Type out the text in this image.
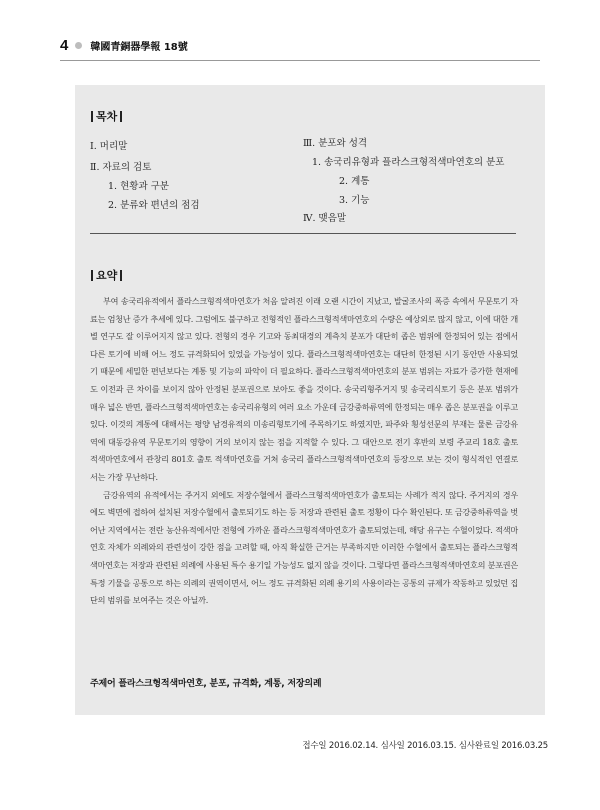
4 韓國青銅器學報 18號
목차
Ⅰ. 머리말
Ⅱ. 자료의 검토
1. 현황과 구분
2. 분류와 편년의 점검
Ⅲ. 분포와 성격
1. 송국리유형과 플라스크형적색마연호의 분포
2. 계통
3. 기능
Ⅳ. 맺음말
요약

부여 송국리유적에서 플라스크형적색마연호가 처음 알려진 이래 오랜 시간이 지났고, 발굴조사의 폭증 속에서 무문토기 자료는 엄청난 증가 추세에 있다. 그럼에도 불구하고 전형적인 플라스크형적색마연호의 수량은 예상외로 많지 않고, 이에 대한 개별 연구도 잘 이루어지지 않고 있다. 전형의 경우 기고와 동최대경의 계측치 분포가 대단히 좁은 범위에 한정되어 있는 점에서 다른 토기에 비해 어느 정도 규격화되어 있었을 가능성이 있다. 플라스크형적색마연호는 대단히 한정된 시기 동안만 사용되었기 때문에 세밀한 편년보다는 계통 및 기능의 파악이 더 필요하다. 플라스크형적색마연호의 분포 범위는 자료가 증가한 현재에도 이전과 큰 차이를 보이지 않아 안정된 분포권으로 보아도 좋을 것이다. 송국리형주거지 및 송국리식토기 등은 분포 범위가 매우 넓은 반면, 플라스크형적색마연호는 송국리유형의 여러 요소 가운데 금강중하류역에 한정되는 매우 좁은 분포권을 이루고 있다. 이것의 계통에 대해서는 평양 남경유적의 미송리형토기에 주목하기도 하였지만, 파주와 횡성선문의 부재는 물론 금강유역에 대동강유역 무문토기의 영향이 거의 보이지 않는 점을 지적할 수 있다. 그 대안으로 전기 후반의 보령 주교리 18호 출토 적색마연호에서 관창리 801호 출토 적색마연호를 거쳐 송국리 플라스크형적색마연호의 등장으로 보는 것이 형식적인 연결로서는 가장 무난하다.

금강유역의 유적에서는 주거지 외에도 저장수혈에서 플라스크형적색마연호가 출토되는 사례가 적지 않다. 주거지의 경우에도 벽면에 접하여 설치된 저장수혈에서 출토되기도 하는 등 저장과 관련된 출토 정황이 다수 확인된다. 또 금강중하류역을 벗어난 지역에서는 전란 농산유적에서만 전형에 가까운 플라스크형적색마연호가 출토되었는데, 해당 유구는 수혈이었다. 적색마연호 자체가 의례와의 관련성이 강한 점을 고려할 때, 아직 확실한 근거는 부족하지만 이러한 수혈에서 출토되는 플라스크형적색마연호는 저장과 관련된 의례에 사용된 특수 용기일 가능성도 없지 않을 것이다. 그렇다면 플라스크형적색마연호의 분포권은 특정 기물을 공통으로 하는 의례의 권역이면서, 어느 정도 규격화된 의례 용기의 사용이라는 공통의 규제가 작동하고 있었던 집단의 범위를 보여주는 것은 아닐까.

주제어 플라스크형적색마연호, 분포, 규격화, 계통, 저장의례
접수일 2016.02.14. 심사일 2016.03.15. 심사완료일 2016.03.25
